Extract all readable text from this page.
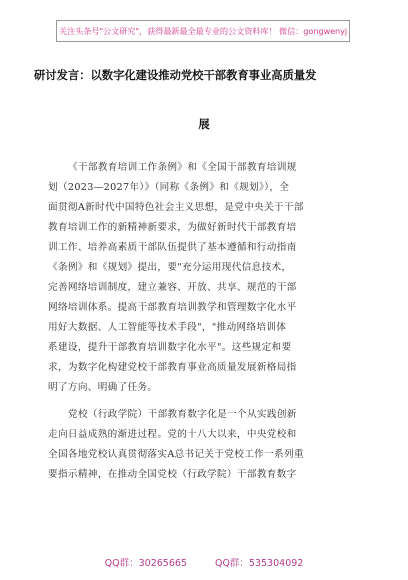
关注头条号"公文研究"，获得最新最全最专业的公文资料库！ 微信：gongwenyj
研讨发言：以数字化建设推动党校干部教育事业高质量发
展
《干部教育培训工作条例》和《全国干部教育培训规
划（2023—2027年）》（同称《条例》和《规划》），全
面贯彻A新时代中国特色社会主义思想，是党中央关于干部
教育培训工作的新精神新要求，为做好新时代干部教育培
训工作、培养高素质干部队伍提供了基本遵循和行动指南
《条例》和《规划》提出，要"充分运用现代信息技术，
完善网络培训制度，建立兼容、开放、共享、规范的干部
网络培训体系。提高干部教育培训教学和管理数字化水平
用好大数据、人工智能等技术手段"，"推动网络培训体
系建设，提升干部教育培训数字化水平"。这些规定和要
求，为数字化构建党校干部教育事业高质量发展新格局指
明了方向、明确了任务。
党校（行政学院）干部教育数字化是一个从实践创新
走向日益成熟的渐进过程。党的十八大以来，中央党校和
全国各地党校认真贯彻落实A总书记关于党校工作一系列重
要指示精神，在推动全国党校（行政学院）干部教育数字
QQ群：30265665	QQ群：535304092
